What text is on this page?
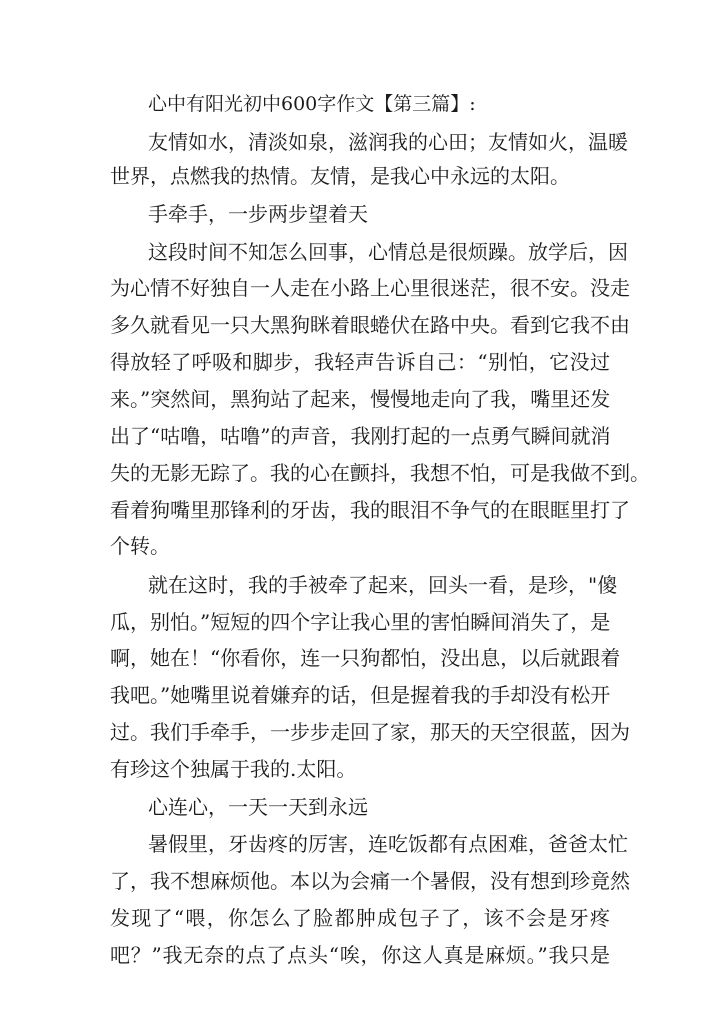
心中有阳光初中600字作文【第三篇】:
友情如水，清淡如泉，滋润我的心田；友情如火，温暖
世界，点燃我的热情。友情，是我心中永远的太阳。
手牵手，一步两步望着天
这段时间不知怎么回事，心情总是很烦躁。放学后，因
为心情不好独自一人走在小路上心里很迷茫，很不安。没走
多久就看见一只大黑狗眯着眼蜷伏在路中央。看到它我不由
得放轻了呼吸和脚步，我轻声告诉自己：“别怕，它没过
来。”突然间，黑狗站了起来，慢慢地走向了我，嘴里还发
出了“咕噜，咕噜”的声音，我刚打起的一点勇气瞬间就消
失的无影无踪了。我的心在颤抖，我想不怕，可是我做不到。
看着狗嘴里那锋利的牙齿，我的眼泪不争气的在眼眶里打了
个转。
就在这时，我的手被牵了起来，回头一看，是珍，"傻
瓜，别怕。”短短的四个字让我心里的害怕瞬间消失了，是
啊，她在！“你看你，连一只狗都怕，没出息，以后就跟着
我吧。”她嘴里说着嫌弃的话，但是握着我的手却没有松开
过。我们手牵手，一步步走回了家，那天的天空很蓝，因为
有珍这个独属于我的.太阳。
心连心，一天一天到永远
暑假里，牙齿疼的厉害，连吃饭都有点困难，爸爸太忙
了，我不想麻烦他。本以为会痛一个暑假，没有想到珍竟然
发现了“喂，你怎么了脸都肿成包子了，该不会是牙疼
吧？”我无奈的点了点头“唉，你这人真是麻烦。”我只是
